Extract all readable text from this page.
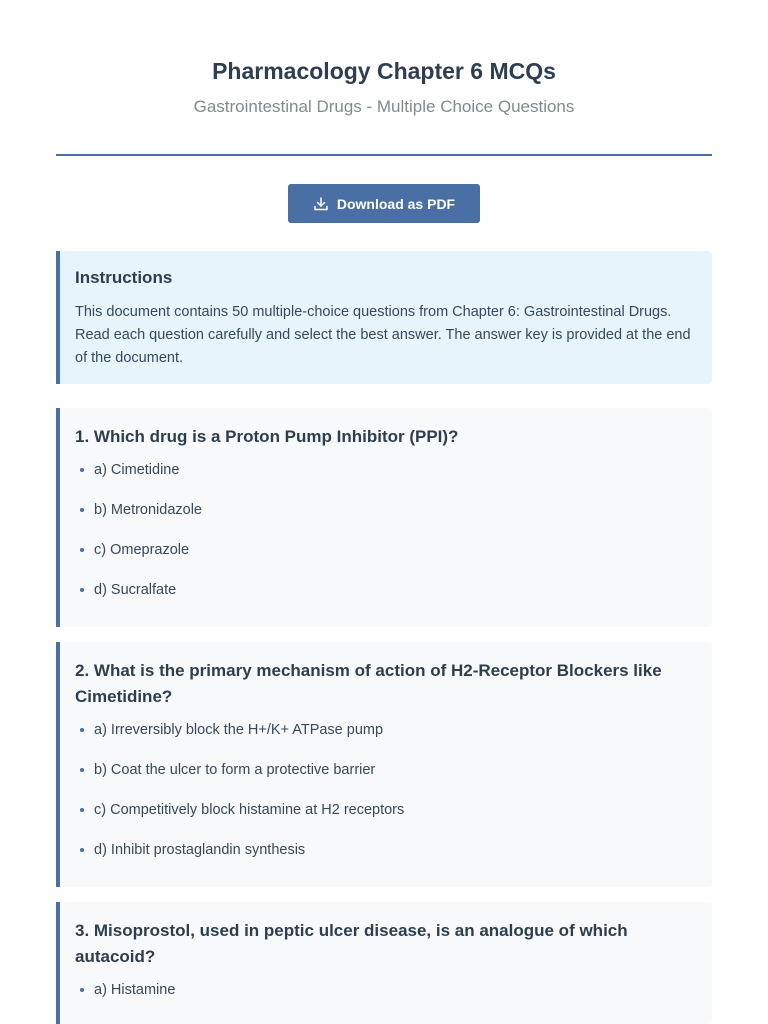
Pharmacology Chapter 6 MCQs
Gastrointestinal Drugs - Multiple Choice Questions
Download as PDF
Instructions
This document contains 50 multiple-choice questions from Chapter 6: Gastrointestinal Drugs. Read each question carefully and select the best answer. The answer key is provided at the end of the document.
1. Which drug is a Proton Pump Inhibitor (PPI)?
a) Cimetidine
b) Metronidazole
c) Omeprazole
d) Sucralfate
2. What is the primary mechanism of action of H2-Receptor Blockers like Cimetidine?
a) Irreversibly block the H+/K+ ATPase pump
b) Coat the ulcer to form a protective barrier
c) Competitively block histamine at H2 receptors
d) Inhibit prostaglandin synthesis
3. Misoprostol, used in peptic ulcer disease, is an analogue of which autacoid?
a) Histamine
